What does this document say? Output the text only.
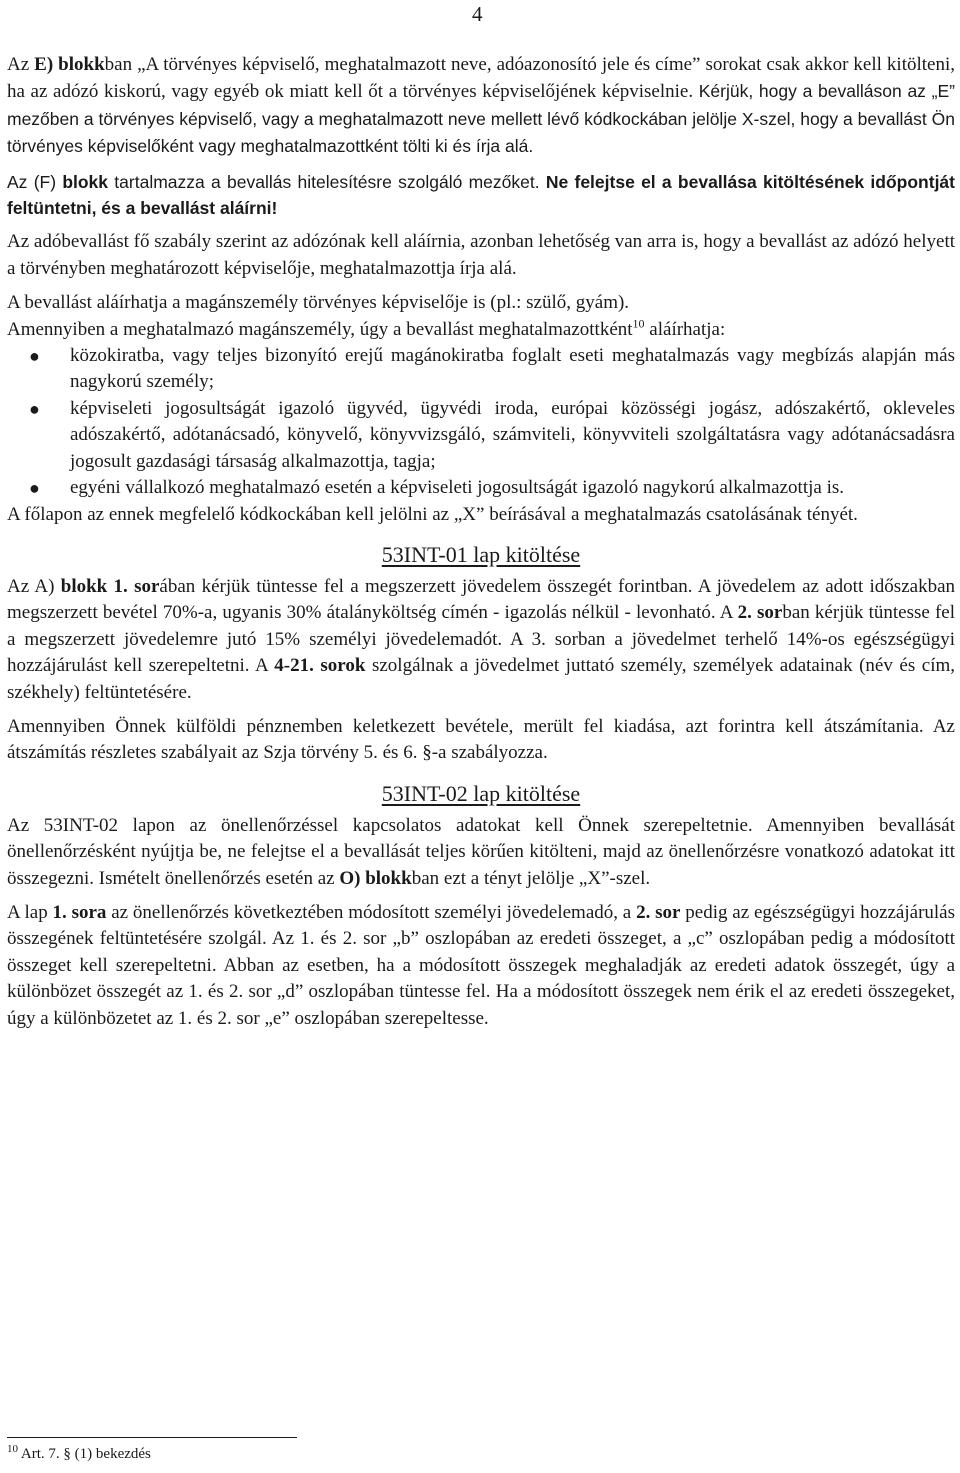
4

Az E) blokkban „A törvényes képviselő, meghatalmazott neve, adóazonosító jele és címe” sorokat csak akkor kell kitölteni, ha az adózó kiskorú, vagy egyéb ok miatt kell őt a törvényes képviselőjének képviselnie. Kérjük, hogy a bevalláson az „E” mezőben a törvényes képviselő, vagy a meghatalmazott neve mellett lévő kódkockában jelölje X-szel, hogy a bevallást Ön törvényes képviselőként vagy meghatalmazottként tölti ki és írja alá.

Az (F) blokk tartalmazza a bevallás hitelesítésre szolgáló mezőket. Ne felejtse el a bevallása kitöltésének időpontját feltüntetni, és a bevallást aláírni!

Az adóbevallást fő szabály szerint az adózónak kell aláírnia, azonban lehetőség van arra is, hogy a bevallást az adózó helyett a törvényben meghatározott képviselője, meghatalmazottja írja alá.

A bevallást aláírhatja a magánszemély törvényes képviselője is (pl.: szülő, gyám).

Amennyiben a meghatalmazó magánszemély, úgy a bevallást meghatalmazottként$^{10}$ aláírhatja:

● közokiratba, vagy teljes bizonyító erejű magánokiratba foglalt eseti meghatalmazás vagy megbízás alapján más nagykorú személy;
● képviseleti jogosultságát igazoló ügyvéd, ügyvédi iroda, európai közösségi jogász, adószakértő, okleveles adószakértő, adótanácsadó, könyvelő, könyvvizsgáló, számviteli, könyvviteli szolgáltatásra vagy adótanácsadásra jogosult gazdasági társaság alkalmazottja, tagja;
● egyéni vállalkozó meghatalmazó esetén a képviseleti jogosultságát igazoló nagykorú alkalmazottja is.

A főlapon az ennek megfelelő kódkockában kell jelölni az „X” beírásával a meghatalmazás csatolásának tényét.

53INT-01 lap kitöltése

Az A) blokk 1. sorában kérjük tüntesse fel a megszerzett jövedelem összegét forintban. A jövedelem az adott időszakban megszerzett bevétel 70%-a, ugyanis 30% átalányköltség címén - igazolás nélkül - levonható. A 2. sorban kérjük tüntesse fel a megszerzett jövedelemre jutó 15% személyi jövedelemadót. A 3. sorban a jövedelmet terhelő 14%-os egészségügyi hozzájárulást kell szerepeltetni. A 4-21. sorok szolgálnak a jövedelmet juttató személy, személyek adatainak (név és cím, székhely) feltüntetésére.

Amennyiben Önnek külföldi pénznemben keletkezett bevétele, merült fel kiadása, azt forintra kell átszámítania. Az átszámítás részletes szabályait az Szja törvény 5. és 6. §-a szabályozza.

53INT-02 lap kitöltése

Az 53INT-02 lapon az önellenőrzéssel kapcsolatos adatokat kell Önnek szerepeltetnie. Amennyiben bevallását önellenőrzésként nyújtja be, ne felejtse el a bevallását teljes körűen kitölteni, majd az önellenőrzésre vonatkozó adatokat itt összegezni. Ismételt önellenőrzés esetén az O) blokkban ezt a tényt jelölje „X”-szel.

A lap 1. sora az önellenőrzés következtében módosított személyi jövedelemadó, a 2. sor pedig az egészségügyi hozzájárulás összegének feltüntetésére szolgál. Az 1. és 2. sor „b” oszlopában az eredeti összeget, a „c” oszlopában pedig a módosított összeget kell szerepeltetni. Abban az esetben, ha a módosított összegek meghaladják az eredeti adatok összegét, úgy a különbözet összegét az 1. és 2. sor „d” oszlopában tüntesse fel. Ha a módosított összegek nem érik el az eredeti összegeket, úgy a különbözetet az 1. és 2. sor „e” oszlopában szerepeltesse.

$^{10}$ Art. 7. § (1) bekezdés
